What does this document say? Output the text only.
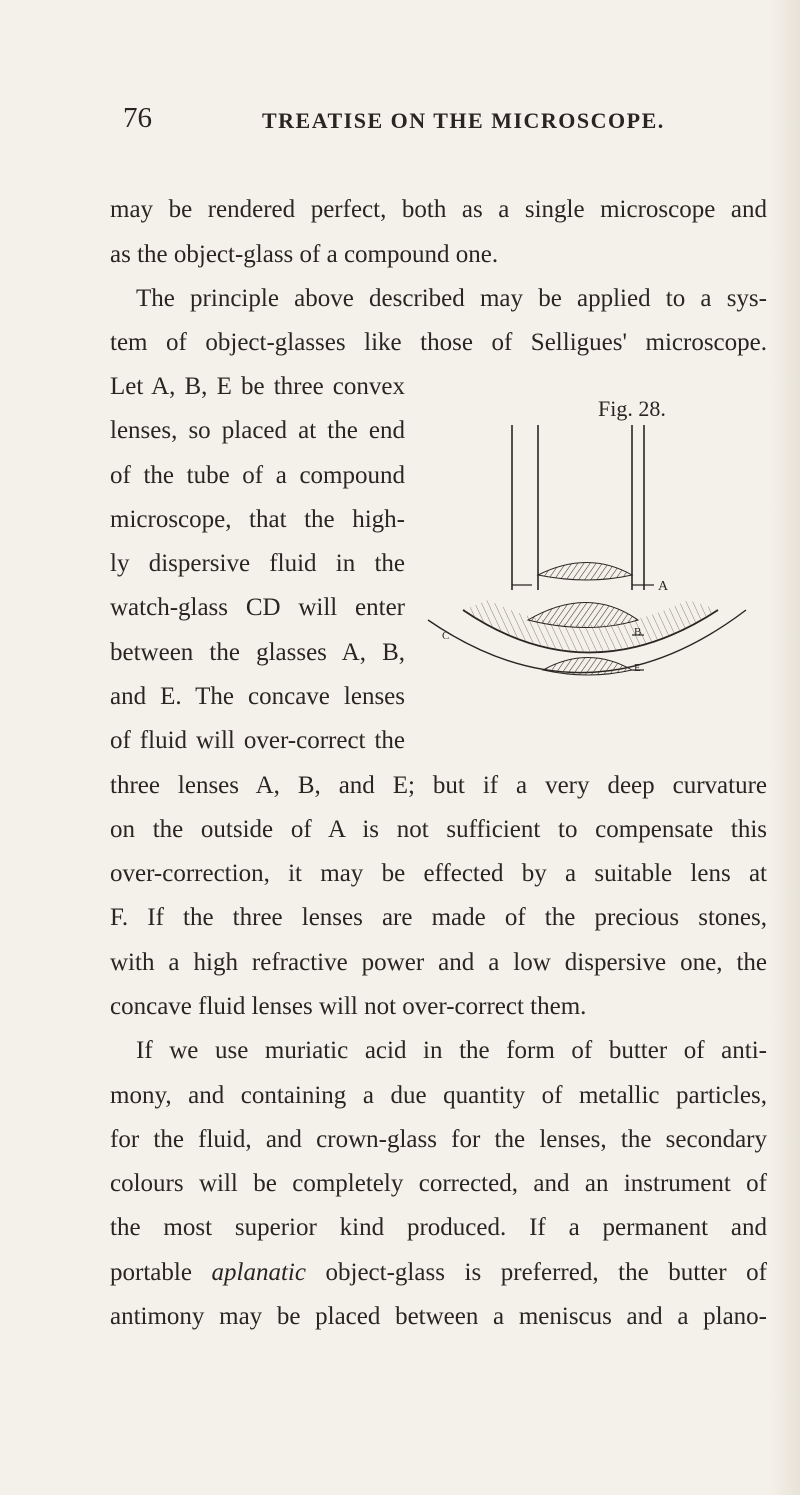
76	TREATISE ON THE MICROSCOPE.
may be rendered perfect, both as a single microscope and
as the object-glass of a compound one.
The principle above described may be applied to a sys-
tem of object-glasses like those of Selligues' microscope.
Let A, B, E be three convex
lenses, so placed at the end
of the tube of a compound
microscope, that the high-
ly dispersive fluid in the
watch-glass CD will enter
between the glasses A, B,
and E. The concave lenses
of fluid will over-correct the
three lenses A, B, and E; but if a very deep curvature
on the outside of A is not sufficient to compensate this
over-correction, it may be effected by a suitable lens at
F. If the three lenses are made of the precious stones,
with a high refractive power and a low dispersive one, the
concave fluid lenses will not over-correct them.
If we use muriatic acid in the form of butter of anti-
mony, and containing a due quantity of metallic particles,
for the fluid, and crown-glass for the lenses, the secondary
colours will be completely corrected, and an instrument of
the most superior kind produced. If a permanent and
portable aplanatic object-glass is preferred, the butter of
antimony may be placed between a meniscus and a plano-
Fig. 28.
A
B
C
E
